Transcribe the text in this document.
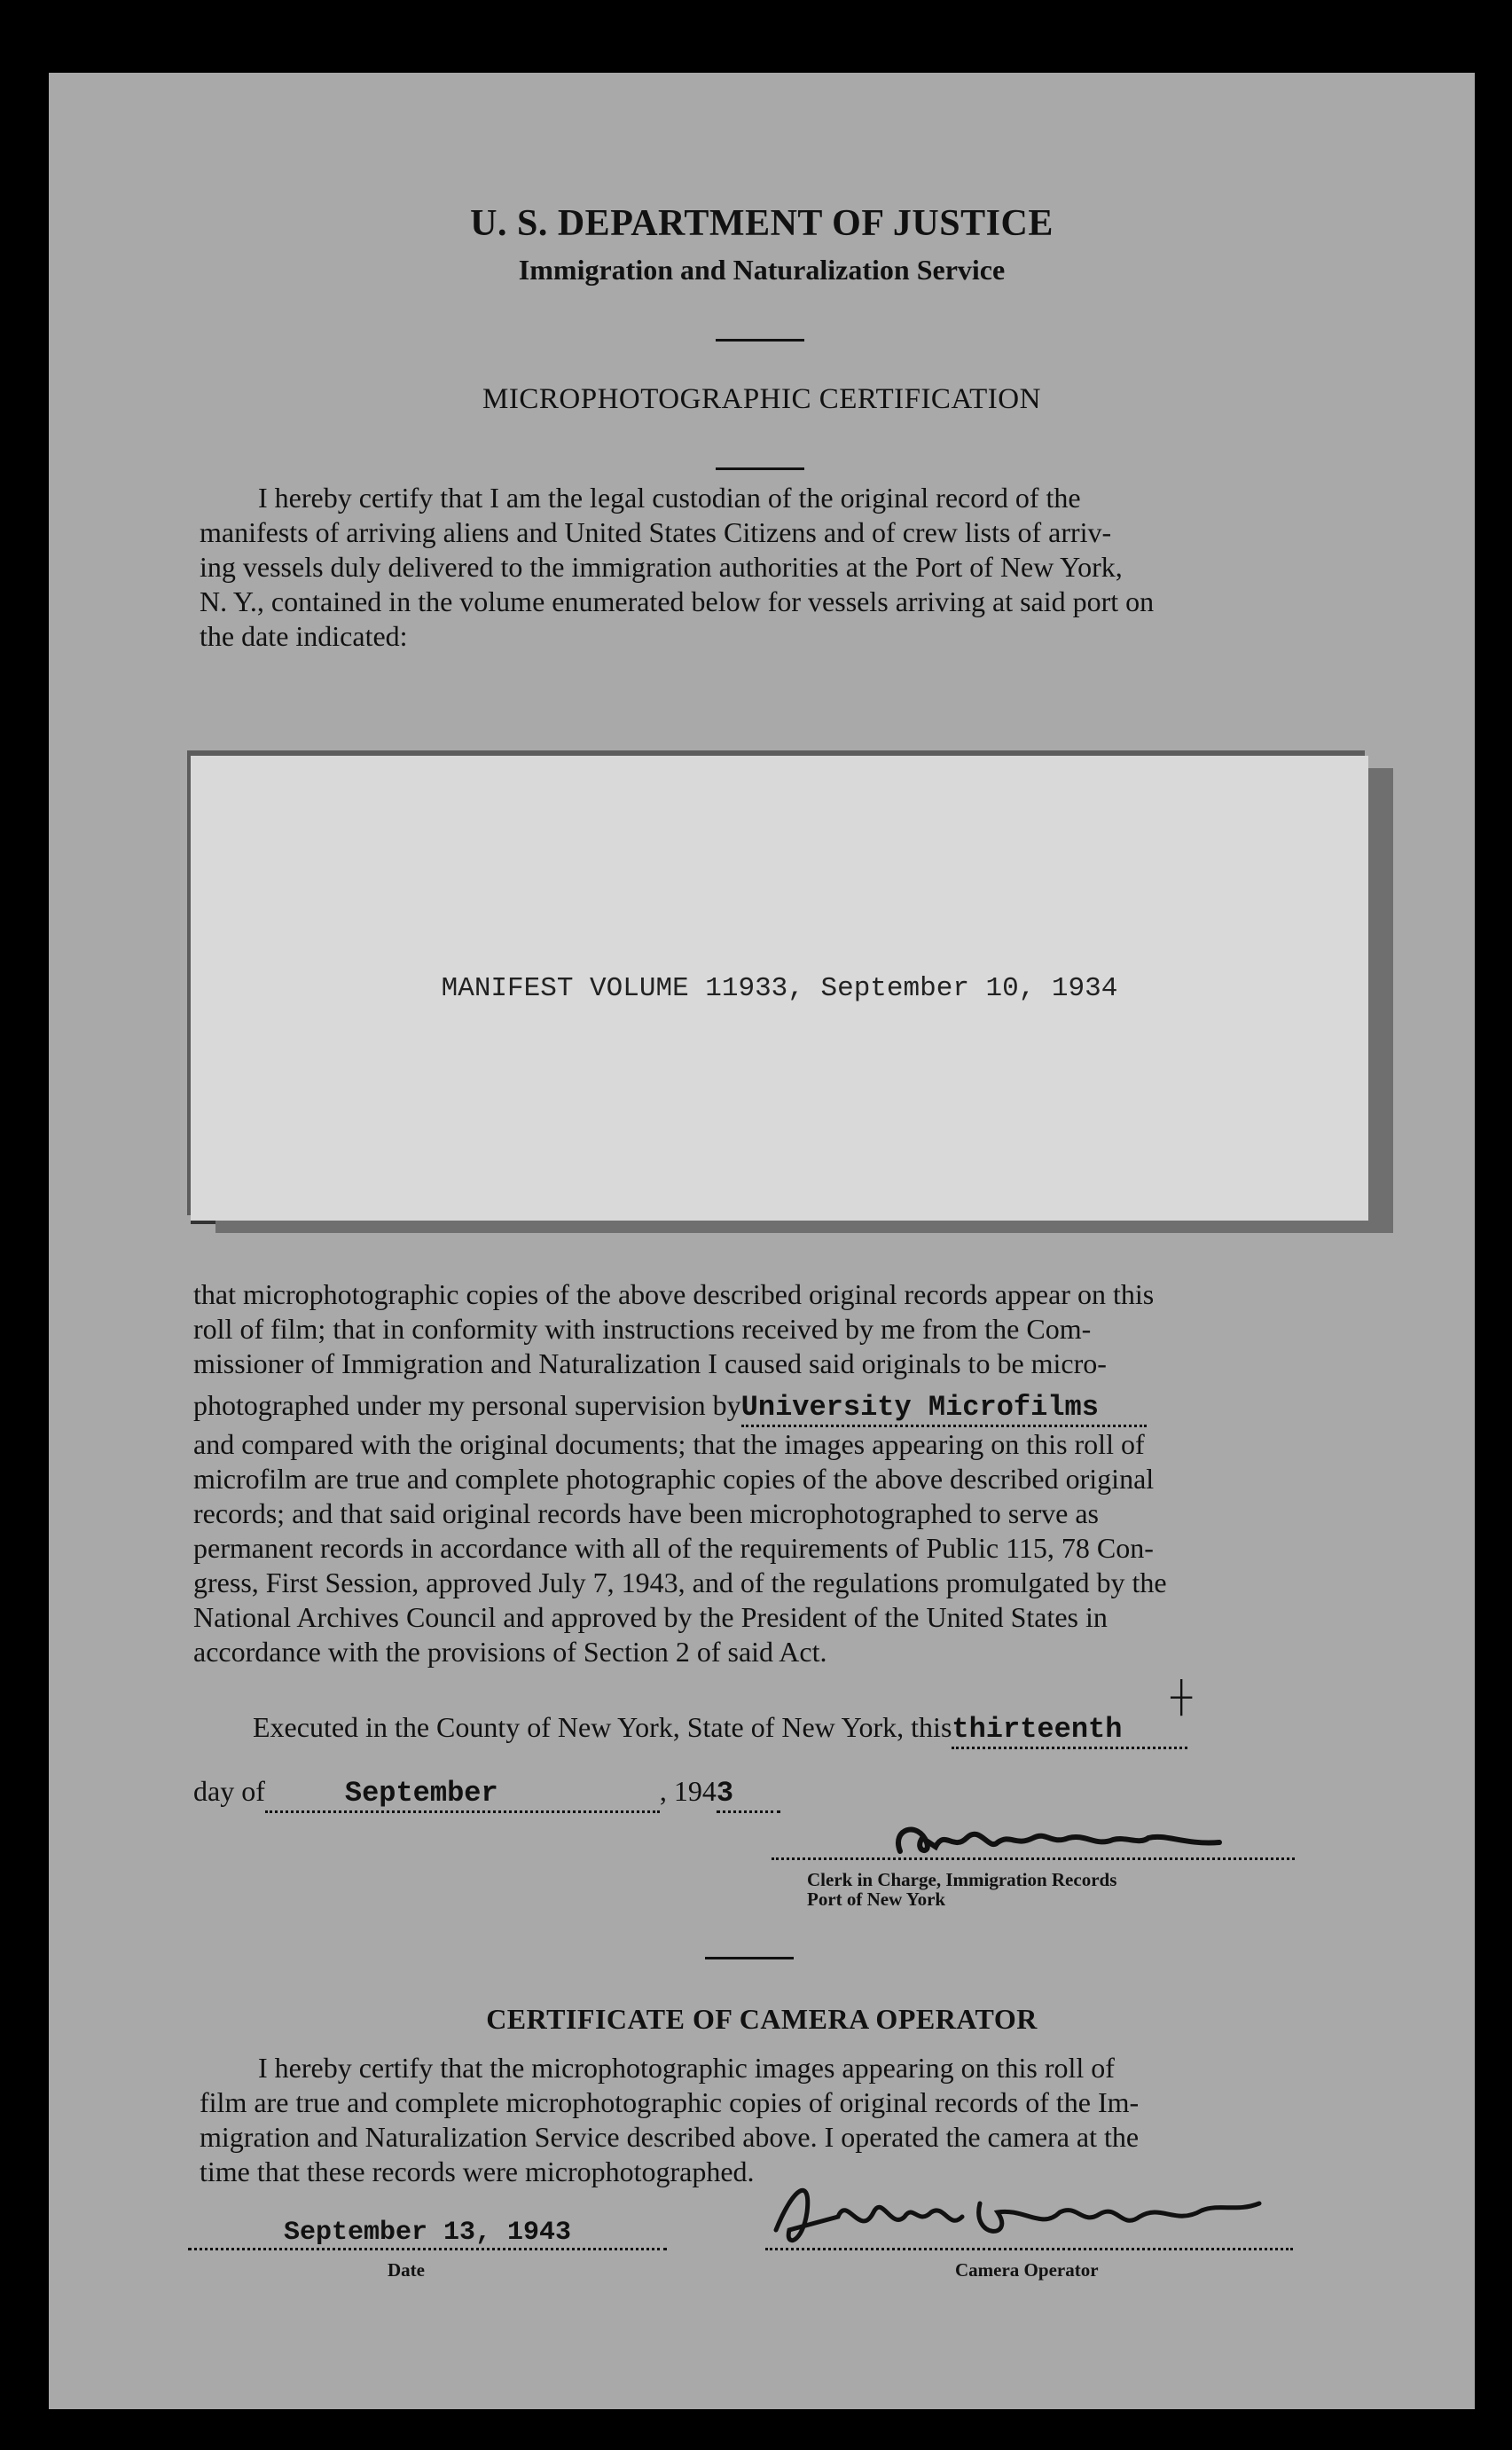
U. S. DEPARTMENT OF JUSTICE
Immigration and Naturalization Service
MICROPHOTOGRAPHIC CERTIFICATION

I hereby certify that I am the legal custodian of the original record of the

manifests of arriving aliens and United States Citizens and of crew lists of arriv-

ing vessels duly delivered to the immigration authorities at the Port of New York,

N. Y., contained in the volume enumerated below for vessels arriving at said port on

the date indicated:

MANIFEST VOLUME 11933, September 10, 1934

that microphotographic copies of the above described original records appear on this

roll of film; that in conformity with instructions received by me from the Com-

missioner of Immigration and Naturalization I caused said originals to be micro-

photographed under my personal supervision byUniversity Microfilms

and compared with the original documents; that the images appearing on this roll of

microfilm are true and complete photographic copies of the above described original

records; and that said original records have been microphotographed to serve as

permanent records in accordance with all of the requirements of Public 115, 78 Con-

gress, First Session, approved July 7, 1943, and of the regulations promulgated by the

National Archives Council and approved by the President of the United States in

accordance with the provisions of Section 2 of said Act.

Executed in the County of New York, State of New York, thisthirteenth
┼
day of	September	, 1943
Clerk in Charge, Immigration Records
Port of New York
CERTIFICATE OF CAMERA OPERATOR

I hereby certify that the microphotographic images appearing on this roll of

film are true and complete microphotographic copies of original records of the Im-

migration and Naturalization Service described above. I operated the camera at the

time that these records were microphotographed.

September 13, 1943
Date	Camera Operator
